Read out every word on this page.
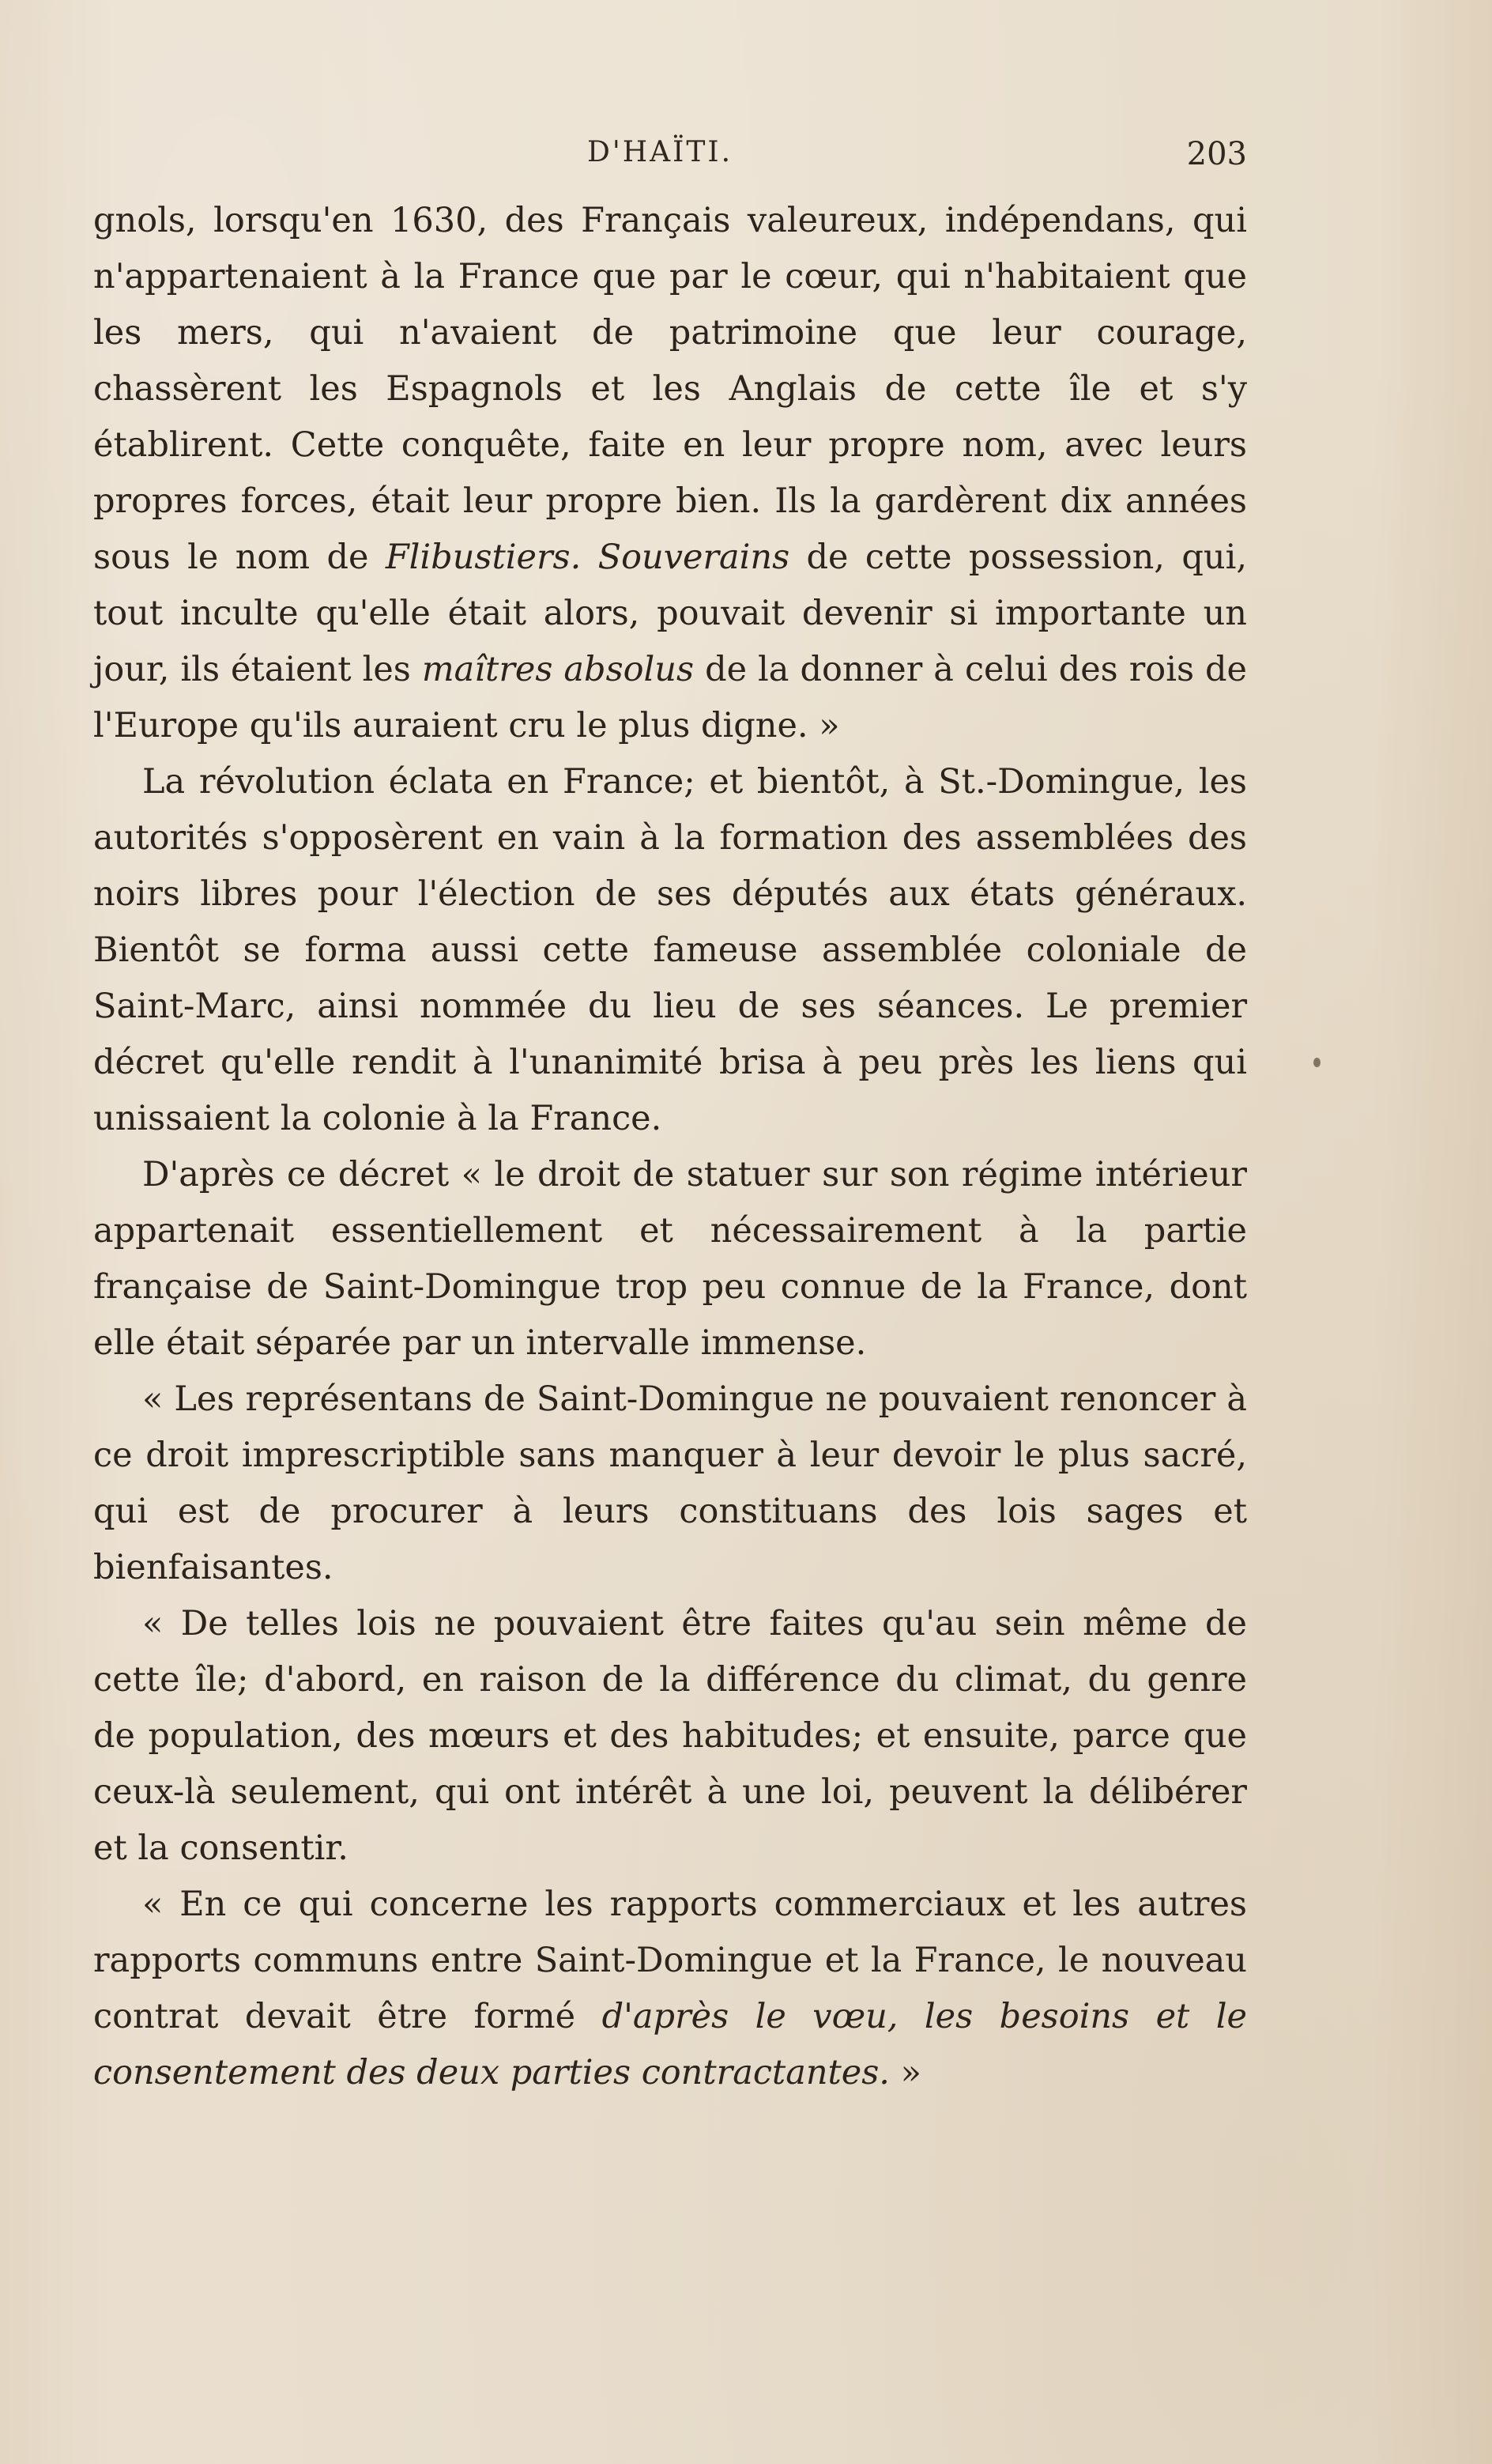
D'HAÏTI.	203

gnols, lorsqu'en 1630, des Français valeureux, indépendans, qui n'appartenaient à la France que par le cœur, qui n'habitaient que les mers, qui n'avaient de patrimoine que leur courage, chassèrent les Espagnols et les Anglais de cette île et s'y établirent. Cette conquête, faite en leur propre nom, avec leurs propres forces, était leur propre bien. Ils la gardèrent dix années sous le nom de Flibustiers. Souverains de cette possession, qui, tout inculte qu'elle était alors, pouvait devenir si importante un jour, ils étaient les maîtres absolus de la donner à celui des rois de l'Europe qu'ils auraient cru le plus digne. »

La révolution éclata en France; et bientôt, à St.-Domingue, les autorités s'opposèrent en vain à la formation des assemblées des noirs libres pour l'élection de ses députés aux états généraux. Bientôt se forma aussi cette fameuse assemblée coloniale de Saint-Marc, ainsi nommée du lieu de ses séances. Le premier décret qu'elle rendit à l'unanimité brisa à peu près les liens qui unissaient la colonie à la France.

D'après ce décret « le droit de statuer sur son régime intérieur appartenait essentiellement et nécessairement à la partie française de Saint-Domingue trop peu connue de la France, dont elle était séparée par un intervalle immense.

« Les représentans de Saint-Domingue ne pouvaient renoncer à ce droit imprescriptible sans manquer à leur devoir le plus sacré, qui est de procurer à leurs constituans des lois sages et bienfaisantes.

« De telles lois ne pouvaient être faites qu'au sein même de cette île; d'abord, en raison de la différence du climat, du genre de population, des mœurs et des habitudes; et ensuite, parce que ceux-là seulement, qui ont intérêt à une loi, peuvent la délibérer et la consentir.

« En ce qui concerne les rapports commerciaux et les autres rapports communs entre Saint-Domingue et la France, le nouveau contrat devait être formé d'après le vœu, les besoins et le consentement des deux parties contractantes. »
